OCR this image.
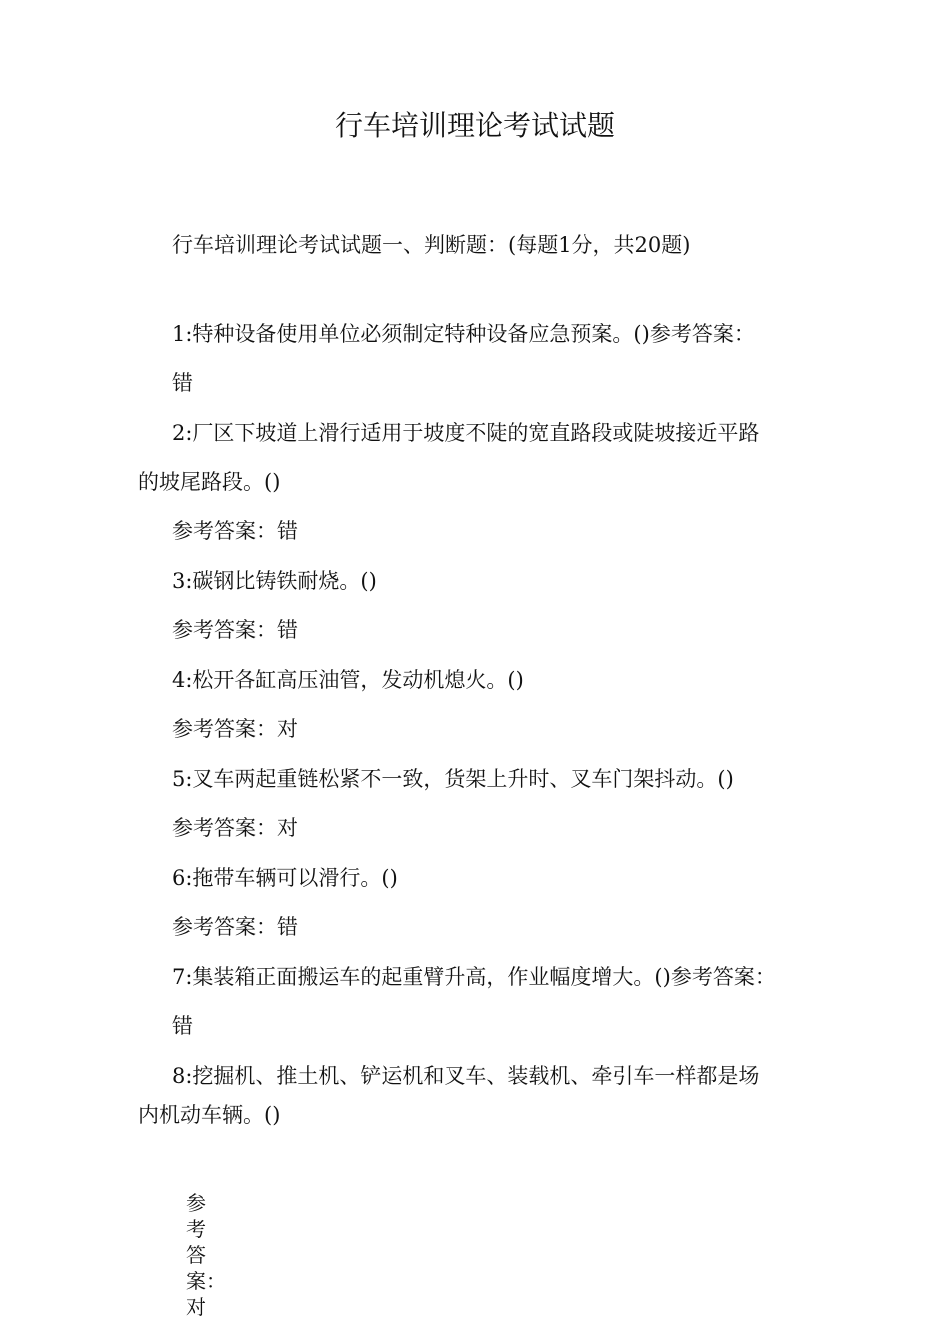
行车培训理论考试试题
行车培训理论考试试题一、判断题：(每题1分，共20题)
1:特种设备使用单位必须制定特种设备应急预案。()参考答案：
错
2:厂区下坡道上滑行适用于坡度不陡的宽直路段或陡坡接近平路
的坡尾路段。()
参考答案：错
3:碳钢比铸铁耐烧。()
参考答案：错
4:松开各缸高压油管，发动机熄火。()
参考答案：对
5:叉车两起重链松紧不一致，货架上升时、叉车门架抖动。()
参考答案：对
6:拖带车辆可以滑行。()
参考答案：错
7:集装箱正面搬运车的起重臂升高，作业幅度增大。()参考答案：
错
8:挖掘机、推土机、铲运机和叉车、装载机、牵引车一样都是场
内机动车辆。()
参考答案：对
